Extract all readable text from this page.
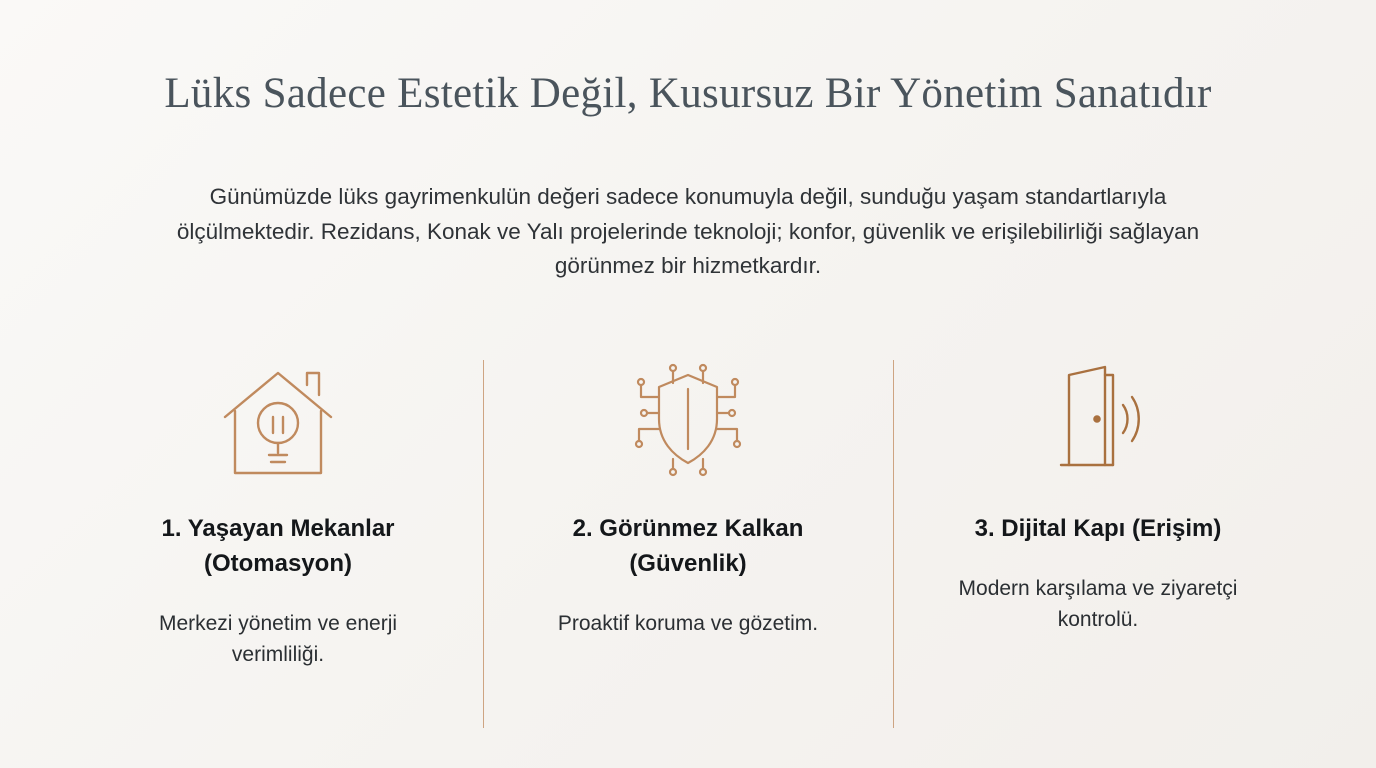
Lüks Sadece Estetik Değil, Kusursuz Bir Yönetim Sanatıdır

Günümüzde lüks gayrimenkulün değeri sadece konumuyla değil, sunduğu yaşam standartlarıyla ölçülmektedir. Rezidans, Konak ve Yalı projelerinde teknoloji; konfor, güvenlik ve erişilebilirliği sağlayan görünmez bir hizmetkardır.

1. Yaşayan Mekanlar (Otomasyon)
Merkezi yönetim ve enerji verimliliği.
2. Görünmez Kalkan (Güvenlik)
Proaktif koruma ve gözetim.
3. Dijital Kapı (Erişim)
Modern karşılama ve ziyaretçi kontrolü.
